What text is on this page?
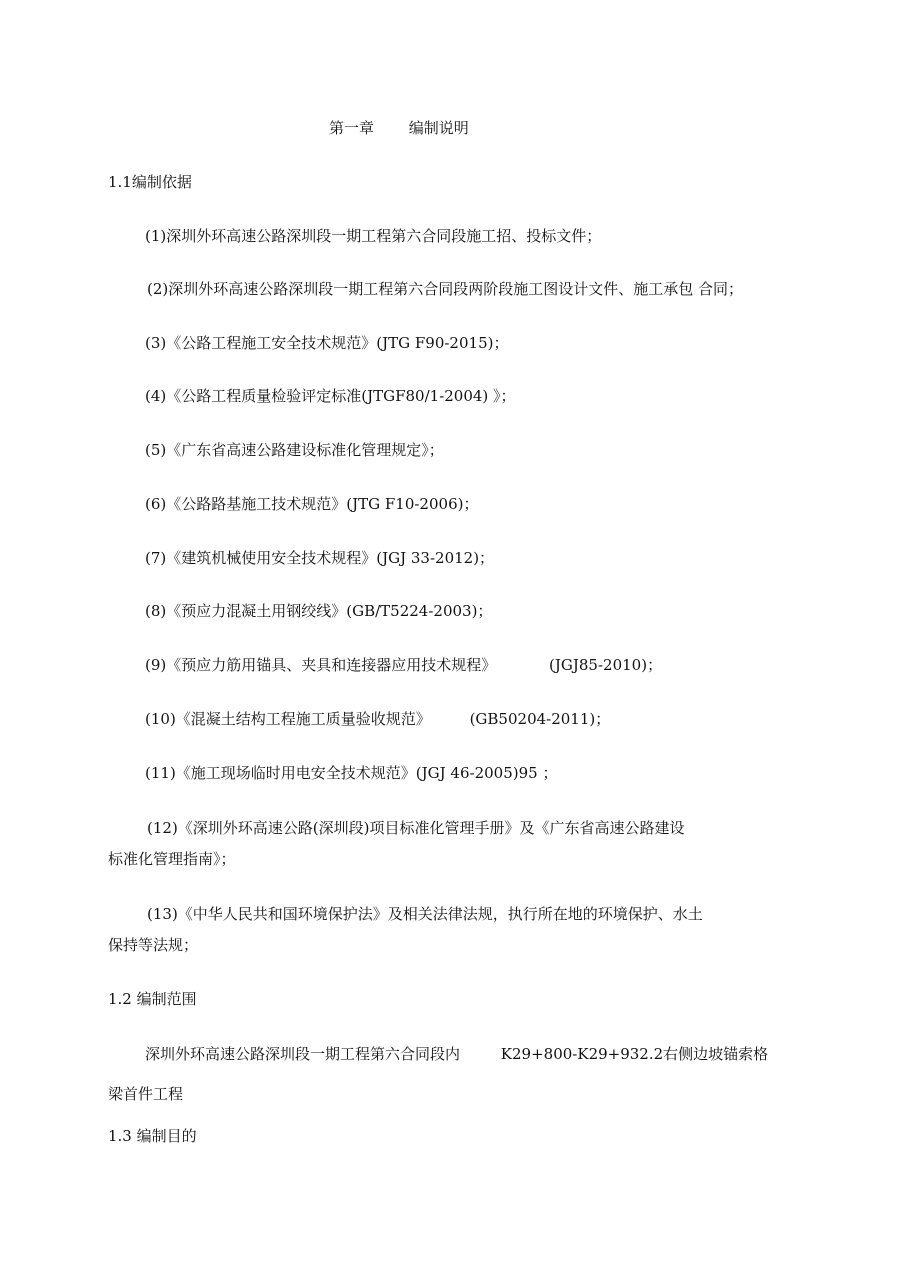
第一章 编制说明
1.1编制依据
(1)深圳外环高速公路深圳段一期工程第六合同段施工招、投标文件；
(2)深圳外环高速公路深圳段一期工程第六合同段两阶段施工图设计文件、施工承包 合同；
(3)《公路工程施工安全技术规范》(JTG F90-2015)；
(4)《公路工程质量检验评定标准(JTGF80/1-2004) 》；
(5)《广东省高速公路建设标准化管理规定》；
(6)《公路路基施工技术规范》(JTG F10-2006)；
(7)《建筑机械使用安全技术规程》(JGJ 33-2012)；
(8)《预应力混凝土用钢绞线》(GB/T5224-2003)；
(9)《预应力筋用锚具、夹具和连接器应用技术规程》	(JGJ85-2010)；
(10)《混凝土结构工程施工质量验收规范》	(GB50204-2011)；
(11)《施工现场临时用电安全技术规范》(JGJ 46-2005)95 ；
(12)《深圳外环高速公路(深圳段)项目标准化管理手册》及《广东省高速公路建设
标准化管理指南》；
(13)《中华人民共和国环境保护法》及相关法律法规，执行所在地的环境保护、水土
保持等法规；
1.2 编制范围
深圳外环高速公路深圳段一期工程第六合同段内	K29+800-K29+932.2右侧边坡锚索格
梁首件工程
1.3 编制目的
